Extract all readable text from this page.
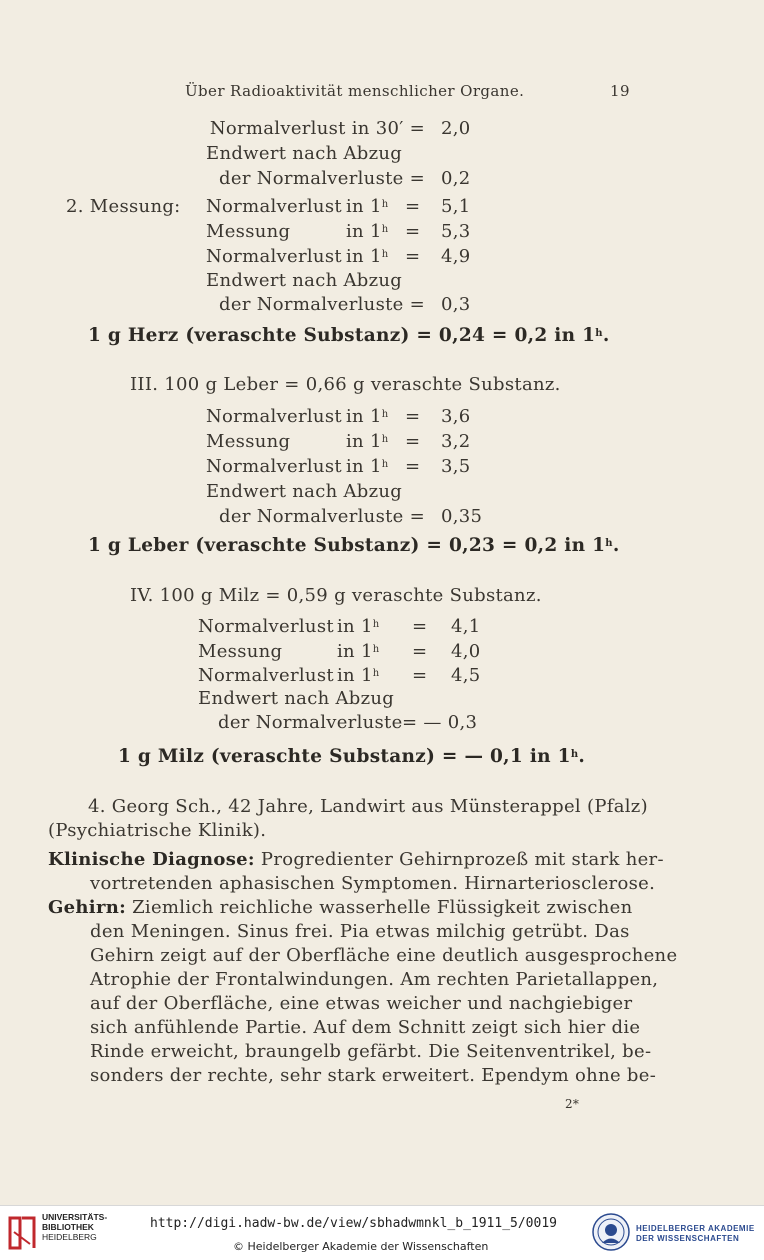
Über Radioaktivität menschlicher Organe.	19
Normalverlust in 30′ = 2,0
Endwert nach Abzug
der Normalverluste = 0,2
2. Messung: Normalverlust in $1^h = 5,1$
Messung	in $1^h = 5,3$
Normalverlust in $1^h = 4,9$
Endwert nach Abzug
der Normalverluste = 0,3
1 g Herz (veraschte Substanz) = 0,24 = 0,2 in 1$^h$.
III. 100 g Leber = 0,66 g veraschte Substanz.
Normalverlust in $1^h = 3,6$
Messung	in $1^h = 3,2$
Normalverlust in $1^h = 3,5$
Endwert nach Abzug
der Normalverluste = 0,35
1 g Leber (veraschte Substanz) = 0,23 = 0,2 in 1$^h$.
IV. 100 g Milz = 0,59 g veraschte Substanz.
Normalverlust in $1^h = 4,1$
Messung	in $1^h = 4,0$
Normalverlust in $1^h = 4,5$
Endwert nach Abzug
der Normalverluste = — 0,3
1 g Milz (veraschte Substanz) = — 0,1 in 1$^h$.
4. Georg Sch., 42 Jahre, Landwirt aus Münsterappel (Pfalz)
(Psychiatrische Klinik).
Klinische Diagnose: Progredienter Gehirnprozeß mit stark her-
vortretenden aphasischen Symptomen. Hirnarteriosclerose.
Gehirn: Ziemlich reichliche wasserhelle Flüssigkeit zwischen
den Meningen. Sinus frei. Pia etwas milchig getrübt. Das
Gehirn zeigt auf der Oberfläche eine deutlich ausgesprochene
Atrophie der Frontalwindungen. Am rechten Parietallappen,
auf der Oberfläche, eine etwas weicher und nachgiebiger
sich anfühlende Partie. Auf dem Schnitt zeigt sich hier die
Rinde erweicht, braungelb gefärbt. Die Seitenventrikel, be-
sonders der rechte, sehr stark erweitert. Ependym ohne be-
2*
UNIVERSITÄTS-
BIBLIOTHEK
HEIDELBERG
http://digi.hadw-bw.de/view/sbhadwmnkl_b_1911_5/0019
© Heidelberger Akademie der Wissenschaften
HEIDELBERGER AKADEMIE
DER WISSENSCHAFTEN
